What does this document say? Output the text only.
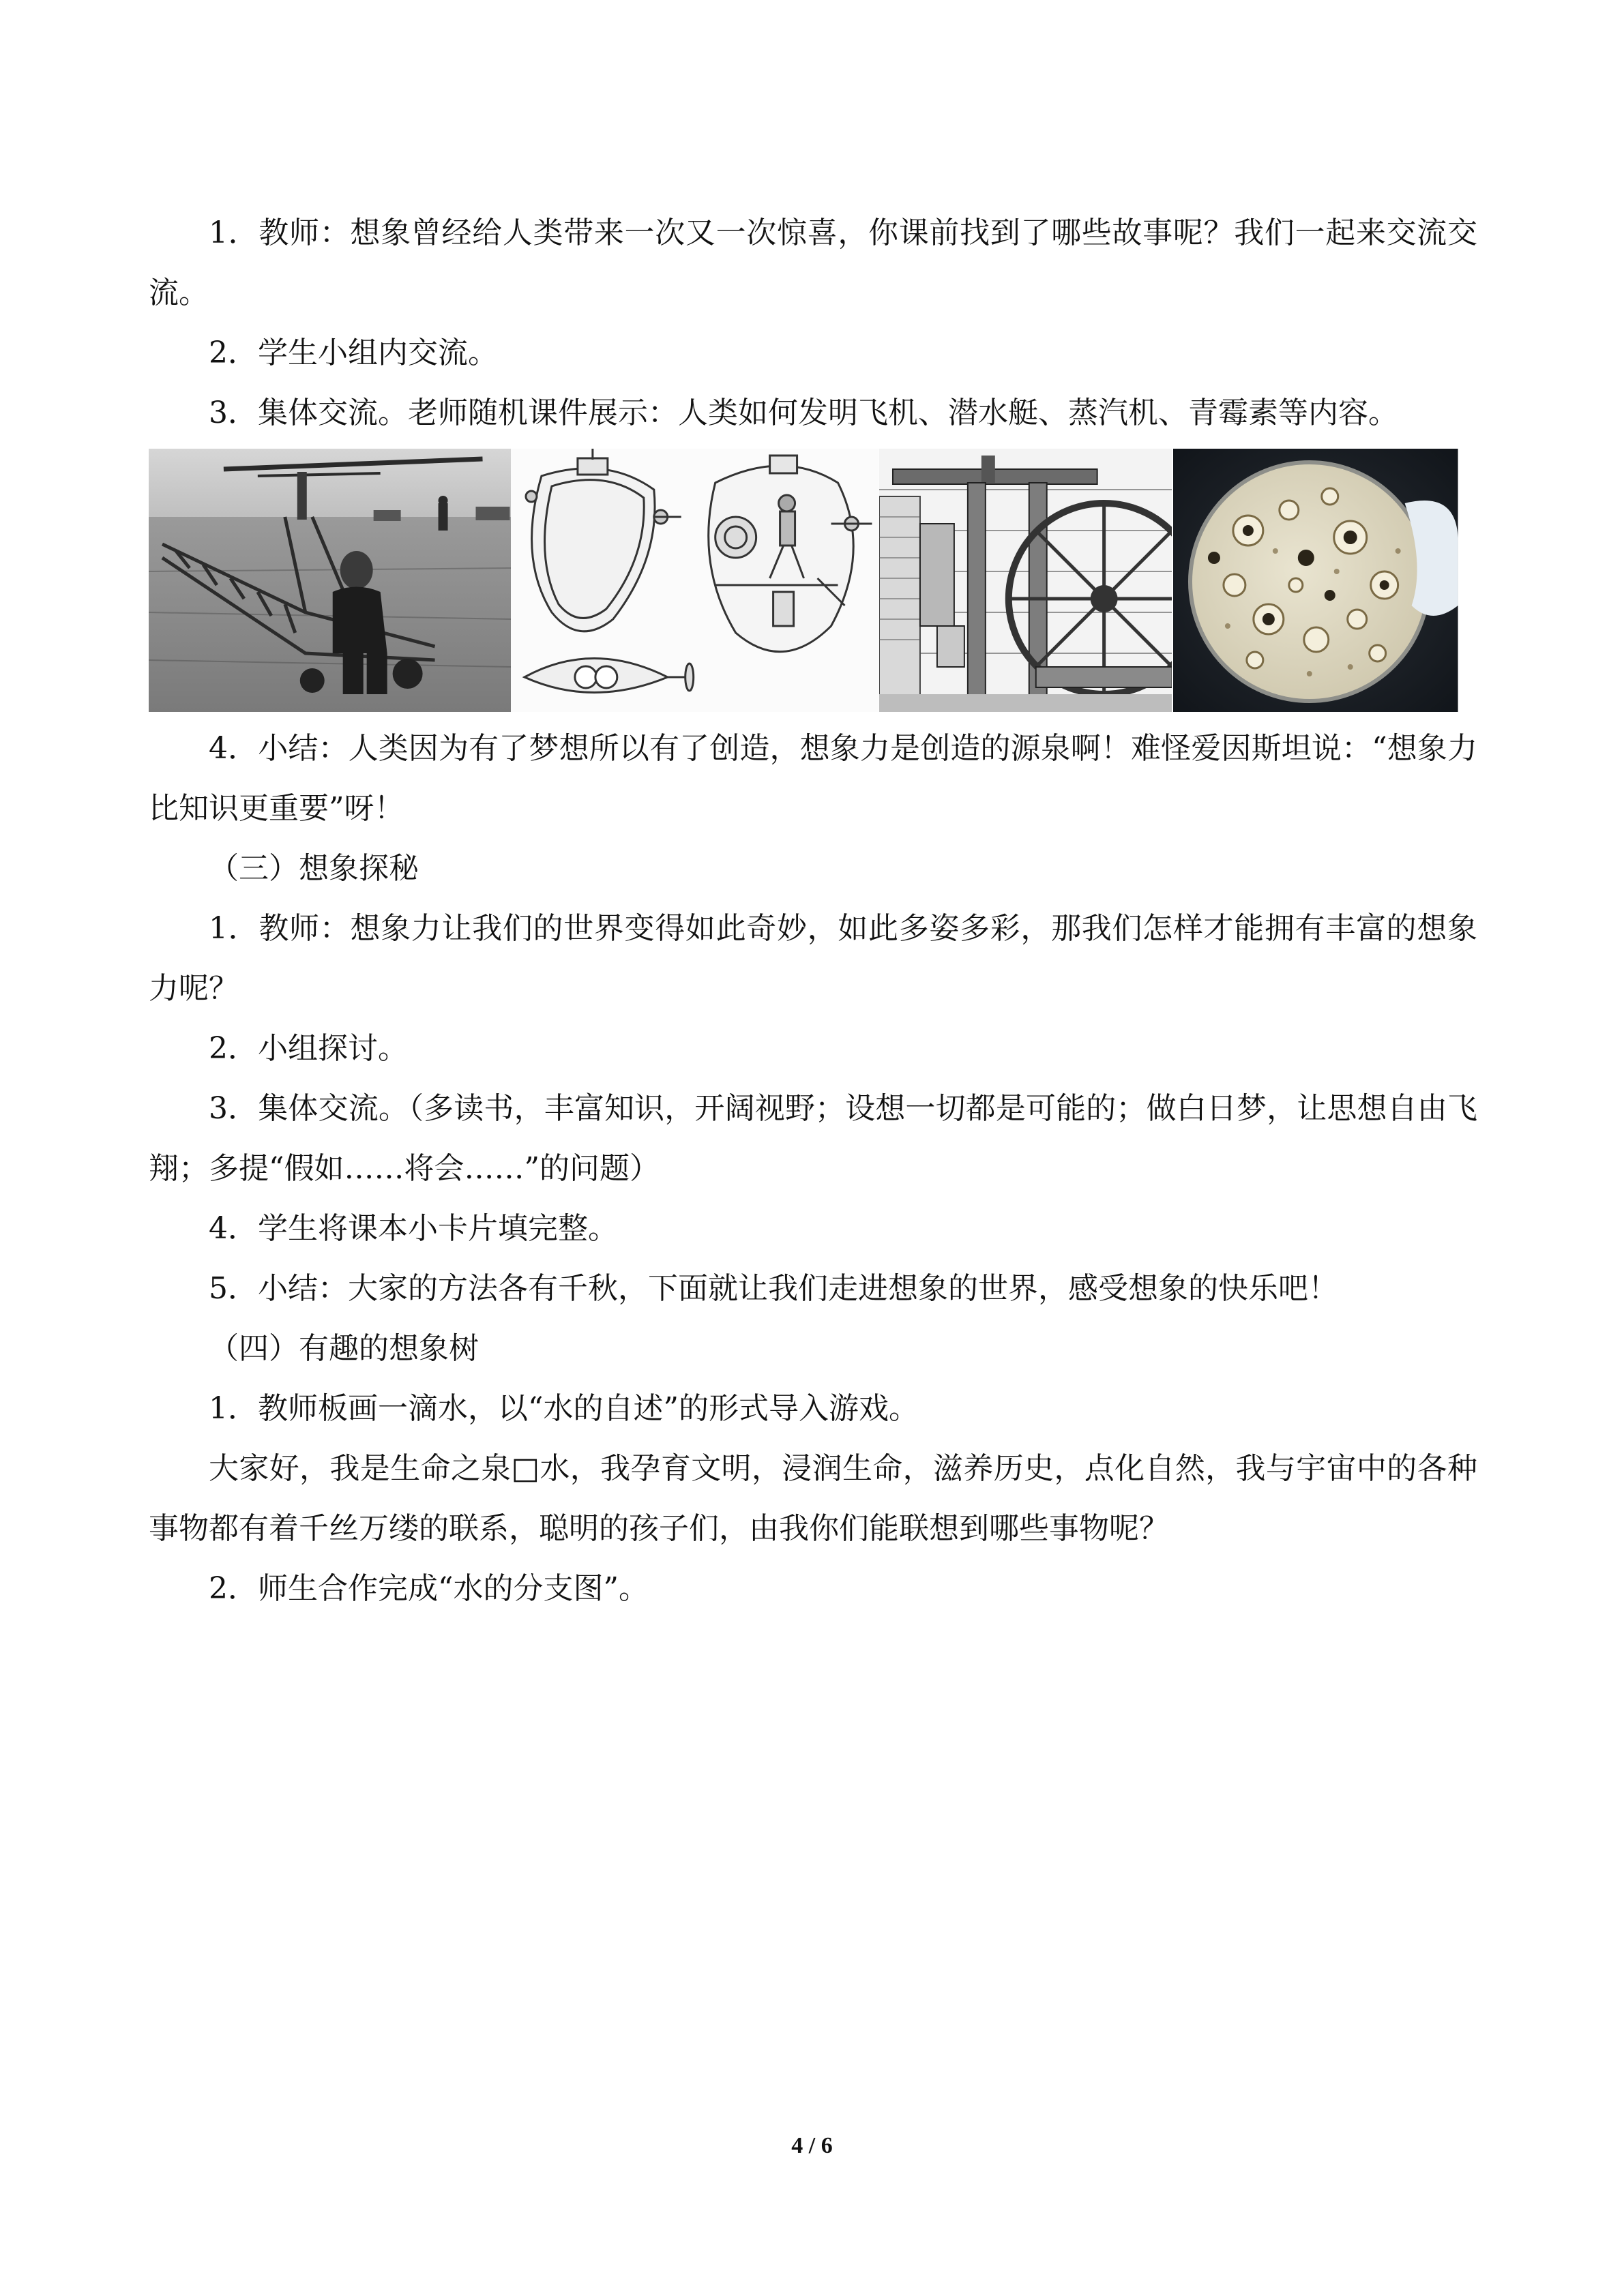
1．教师：想象曾经给人类带来一次又一次惊喜，你课前找到了哪些故事呢？我们一起来交流交流。

2．学生小组内交流。

3．集体交流。老师随机课件展示：人类如何发明飞机、潜水艇、蒸汽机、青霉素等内容。

4．小结：人类因为有了梦想所以有了创造，想象力是创造的源泉啊！难怪爱因斯坦说：“想象力比知识更重要”呀！

（三）想象探秘

1．教师：想象力让我们的世界变得如此奇妙，如此多姿多彩，那我们怎样才能拥有丰富的想象力呢？

2．小组探讨。

3．集体交流。（多读书，丰富知识，开阔视野；设想一切都是可能的；做白日梦，让思想自由飞翔；多提“假如……将会……”的问题）

4．学生将课本小卡片填完整。

5．小结：大家的方法各有千秋，下面就让我们走进想象的世界，感受想象的快乐吧！

（四）有趣的想象树

1．教师板画一滴水，以“水的自述”的形式导入游戏。

大家好，我是生命之泉□水，我孕育文明，浸润生命，滋养历史，点化自然，我与宇宙中的各种事物都有着千丝万缕的联系，聪明的孩子们，由我你们能联想到哪些事物呢？

2．师生合作完成“水的分支图”。

4 / 6
